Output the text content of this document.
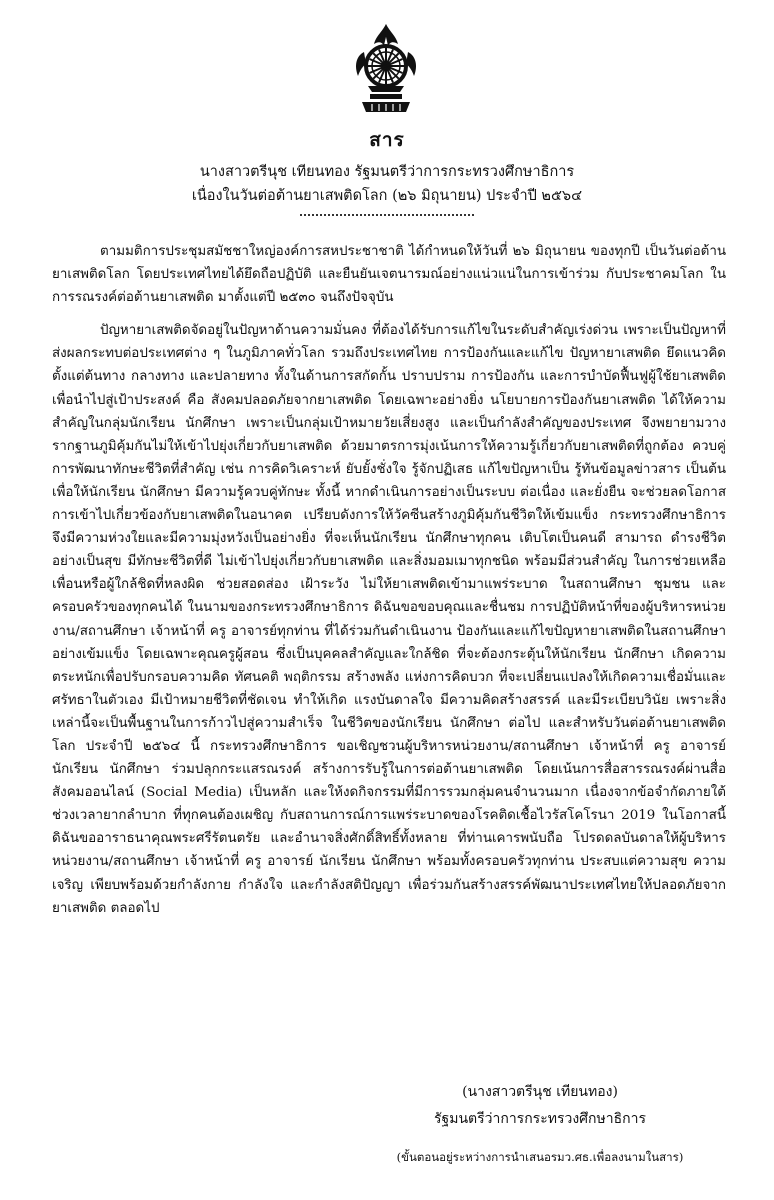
สาร
นางสาวตรีนุช เทียนทอง รัฐมนตรีว่าการกระทรวงศึกษาธิการ
เนื่องในวันต่อต้านยาเสพติดโลก (๒๖ มิถุนายน) ประจำปี ๒๕๖๔

ตามมติการประชุมสมัชชาใหญ่องค์การสหประชาชาติ ได้กำหนดให้วันที่ ๒๖ มิถุนายน ของทุกปี เป็นวันต่อต้านยาเสพติดโลก โดยประเทศไทยได้ยึดถือปฏิบัติ และยืนยันเจตนารมณ์อย่างแน่วแน่ในการเข้าร่วม กับประชาคมโลก ในการรณรงค์ต่อต้านยาเสพติด มาตั้งแต่ปี ๒๕๓๐ จนถึงปัจจุบัน

ปัญหายาเสพติดจัดอยู่ในปัญหาด้านความมั่นคง ที่ต้องได้รับการแก้ไขในระดับสำคัญเร่งด่วน เพราะเป็นปัญหาที่ส่งผลกระทบต่อประเทศต่าง ๆ ในภูมิภาคทั่วโลก รวมถึงประเทศไทย การป้องกันและแก้ไข ปัญหายาเสพติด ยึดแนวคิดตั้งแต่ต้นทาง กลางทาง และปลายทาง ทั้งในด้านการสกัดกั้น ปราบปราม การป้องกัน และการบำบัดฟื้นฟูผู้ใช้ยาเสพติด เพื่อนำไปสู่เป้าประสงค์ คือ สังคมปลอดภัยจากยาเสพติด โดยเฉพาะอย่างยิ่ง นโยบายการป้องกันยาเสพติด ได้ให้ความสำคัญในกลุ่มนักเรียน นักศึกษา เพราะเป็นกลุ่มเป้าหมายวัยเสี่ยงสูง และเป็นกำลังสำคัญของประเทศ จึงพยายามวางรากฐานภูมิคุ้มกันไม่ให้เข้าไปยุ่งเกี่ยวกับยาเสพติด ด้วยมาตรการมุ่งเน้นการให้ความรู้เกี่ยวกับยาเสพติดที่ถูกต้อง ควบคู่การพัฒนาทักษะชีวิตที่สำคัญ เช่น การคิดวิเคราะห์ ยับยั้งชั่งใจ รู้จักปฏิเสธ แก้ไขปัญหาเป็น รู้ทันข้อมูลข่าวสาร เป็นต้น เพื่อให้นักเรียน นักศึกษา มีความรู้ควบคู่ทักษะ ทั้งนี้ หากดำเนินการอย่างเป็นระบบ ต่อเนื่อง และยั่งยืน จะช่วยลดโอกาส การเข้าไปเกี่ยวข้องกับยาเสพติดในอนาคต เปรียบดังการให้วัคซีนสร้างภูมิคุ้มกันชีวิตให้เข้มแข็ง กระทรวงศึกษาธิการ จึงมีความห่วงใยและมีความมุ่งหวังเป็นอย่างยิ่ง ที่จะเห็นนักเรียน นักศึกษาทุกคน เติบโตเป็นคนดี สามารถ ดำรงชีวิตอย่างเป็นสุข มีทักษะชีวิตที่ดี ไม่เข้าไปยุ่งเกี่ยวกับยาเสพติด และสิ่งมอมเมาทุกชนิด พร้อมมีส่วนสำคัญ ในการช่วยเหลือเพื่อนหรือผู้ใกล้ชิดที่หลงผิด ช่วยสอดส่อง เฝ้าระวัง ไม่ให้ยาเสพติดเข้ามาแพร่ระบาด ในสถานศึกษา ชุมชน และครอบครัวของทุกคนได้ ในนามของกระทรวงศึกษาธิการ ดิฉันขอขอบคุณและชื่นชม การปฏิบัติหน้าที่ของผู้บริหารหน่วยงาน/สถานศึกษา เจ้าหน้าที่ ครู อาจารย์ทุกท่าน ที่ได้ร่วมกันดำเนินงาน ป้องกันและแก้ไขปัญหายาเสพติดในสถานศึกษาอย่างเข้มแข็ง โดยเฉพาะคุณครูผู้สอน ซึ่งเป็นบุคคลสำคัญและใกล้ชิด ที่จะต้องกระตุ้นให้นักเรียน นักศึกษา เกิดความตระหนักเพื่อปรับกรอบความคิด ทัศนคติ พฤติกรรม สร้างพลัง แห่งการคิดบวก ที่จะเปลี่ยนแปลงให้เกิดความเชื่อมั่นและศรัทธาในตัวเอง มีเป้าหมายชีวิตที่ชัดเจน ทำให้เกิด แรงบันดาลใจ มีความคิดสร้างสรรค์ และมีระเบียบวินัย เพราะสิ่งเหล่านี้จะเป็นพื้นฐานในการก้าวไปสู่ความสำเร็จ ในชีวิตของนักเรียน นักศึกษา ต่อไป และสำหรับวันต่อต้านยาเสพติดโลก ประจำปี ๒๕๖๔ นี้ กระทรวงศึกษาธิการ ขอเชิญชวนผู้บริหารหน่วยงาน/สถานศึกษา เจ้าหน้าที่ ครู อาจารย์ นักเรียน นักศึกษา ร่วมปลุกกระแสรณรงค์ สร้างการรับรู้ในการต่อต้านยาเสพติด โดยเน้นการสื่อสารรณรงค์ผ่านสื่อสังคมออนไลน์ (Social Media) เป็นหลัก และให้งดกิจกรรมที่มีการรวมกลุ่มคนจำนวนมาก เนื่องจากข้อจำกัดภายใต้ช่วงเวลายากลำบาก ที่ทุกคนต้องเผชิญ กับสถานการณ์การแพร่ระบาดของโรคติดเชื้อไวรัสโคโรนา 2019 ในโอกาสนี้ ดิฉันขออาราธนาคุณพระศรีรัตนตรัย และอำนาจสิ่งศักดิ์สิทธิ์ทั้งหลาย ที่ท่านเคารพนับถือ โปรดดลบันดาลให้ผู้บริหารหน่วยงาน/สถานศึกษา เจ้าหน้าที่ ครู อาจารย์ นักเรียน นักศึกษา พร้อมทั้งครอบครัวทุกท่าน ประสบแต่ความสุข ความเจริญ เพียบพร้อมด้วยกำลังกาย กำลังใจ และกำลังสติปัญญา เพื่อร่วมกันสร้างสรรค์พัฒนาประเทศไทยให้ปลอดภัยจากยาเสพติด ตลอดไป

(นางสาวตรีนุช เทียนทอง)
รัฐมนตรีว่าการกระทรวงศึกษาธิการ
(ขั้นตอนอยู่ระหว่างการนำเสนอรมว.ศธ.เพื่อลงนามในสาร)
